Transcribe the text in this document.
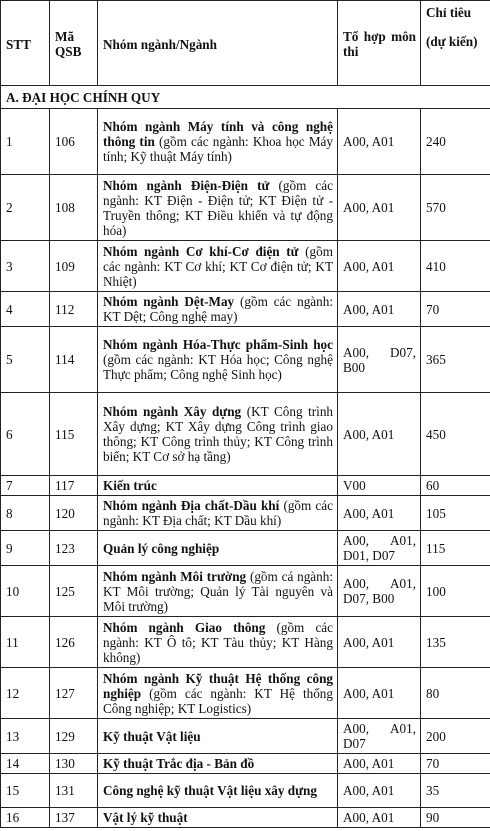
STT	Mã QSB	Nhóm ngành/Ngành	Tổ hợp môn thi	Chỉ tiêu
(dự kiến)

A. ĐẠI HỌC CHÍNH QUY				
1	106	Nhóm ngành Máy tính và công nghệ thông tin (gồm các ngành: Khoa học Máy tính; Kỹ thuật Máy tính)	A00, A01	240
2	108	Nhóm ngành Điện-Điện tử (gồm các ngành: KT Điện - Điện tử; KT Điện tử - Truyền thông; KT Điều khiển và tự động hóa)	A00, A01	570
3	109	Nhóm ngành Cơ khí-Cơ điện tử (gồm các ngành: KT Cơ khí; KT Cơ điện tử; KT Nhiệt)	A00, A01	410
4	112	Nhóm ngành Dệt-May (gồm các ngành: KT Dệt; Công nghệ may)	A00, A01	70
5	114	Nhóm ngành Hóa-Thực phẩm-Sinh học (gồm các ngành: KT Hóa học; Công nghệ Thực phẩm; Công nghệ Sinh học)	A00, D07, B00	365
6	115	Nhóm ngành Xây dựng (KT Công trình Xây dựng; KT Xây dựng Công trình giao thông; KT Công trình thủy; KT Công trình biển; KT Cơ sở hạ tầng)	A00, A01	450
7	117	Kiến trúc	V00	60
8	120	Nhóm ngành Địa chất-Dầu khí (gồm các ngành: KT Địa chất; KT Dầu khí)	A00, A01	105
9	123	Quản lý công nghiệp	A00, A01, D01, D07	115
10	125	Nhóm ngành Môi trường (gồm cá ngành: KT Môi trường; Quản lý Tài nguyên và Môi trường)	A00, A01, D07, B00	100
11	126	Nhóm ngành Giao thông (gồm các ngành: KT Ô tô; KT Tàu thủy; KT Hàng không)	A00, A01	135
12	127	Nhóm ngành Kỹ thuật Hệ thống công nghiệp (gồm các ngành: KT Hệ thống Công nghiệp; KT Logistics)	A00, A01	80
13	129	Kỹ thuật Vật liệu	A00, A01, D07	200
14	130	Kỹ thuật Trắc địa - Bản đồ	A00, A01	70
15	131	Công nghệ kỹ thuật Vật liệu xây dựng	A00, A01	35
16	137	Vật lý kỹ thuật	A00, A01	90
